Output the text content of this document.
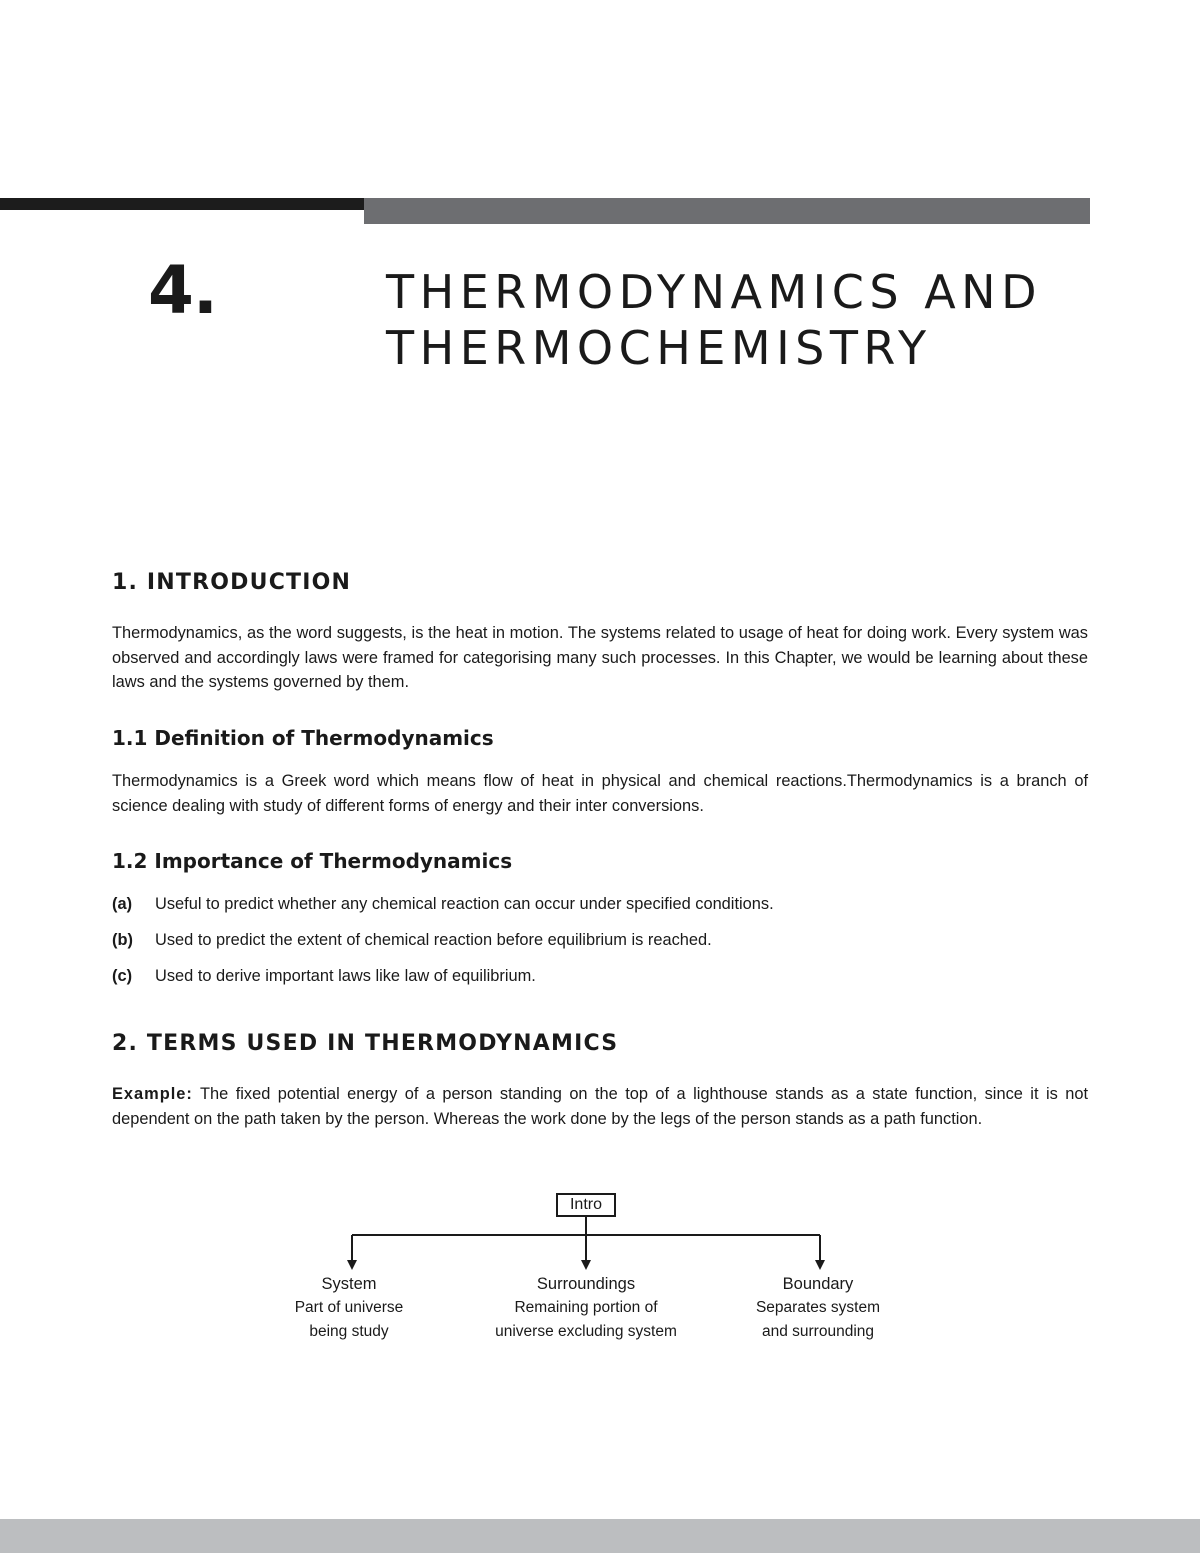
4.	THERMODYNAMICS AND
THERMOCHEMISTRY
1. INTRODUCTION

Thermodynamics, as the word suggests, is the heat in motion. The systems related to usage of heat for doing work. Every system was observed and accordingly laws were framed for categorising many such processes. In this Chapter, we would be learning about these laws and the systems governed by them.

1.1 Definition of Thermodynamics

Thermodynamics is a Greek word which means flow of heat in physical and chemical reactions.Thermodynamics is a branch of science dealing with study of different forms of energy and their inter conversions.

1.2 Importance of Thermodynamics
(a) Useful to predict whether any chemical reaction can occur under specified conditions.
(b) Used to predict the extent of chemical reaction before equilibrium is reached.
(c) Used to derive important laws like law of equilibrium.
2. TERMS USED IN THERMODYNAMICS

Example: The fixed potential energy of a person standing on the top of a lighthouse stands as a state function, since it is not dependent on the path taken by the person. Whereas the work done by the legs of the person stands as a path function.

Intro
System
Part of universe
being study
Surroundings
Remaining portion of
universe excluding system
Boundary
Separates system
and surrounding
